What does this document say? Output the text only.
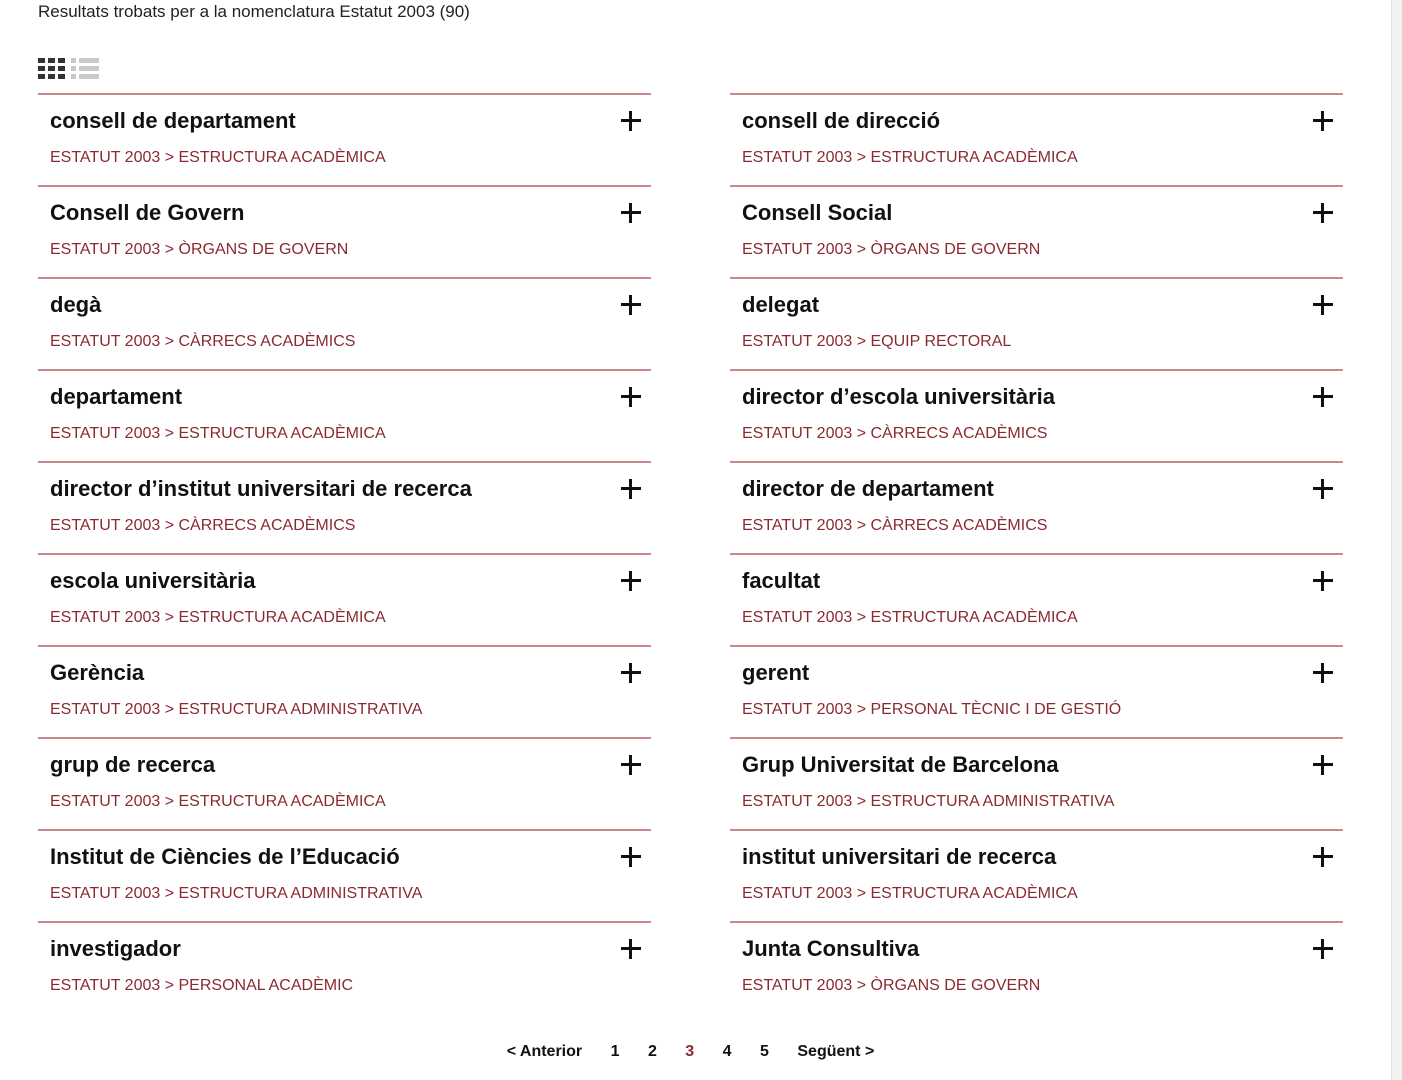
Resultats trobats per a la nomenclatura Estatut 2003 (90)
consell de departament
ESTATUT 2003 > ESTRUCTURA ACADÈMICA
Consell de Govern
ESTATUT 2003 > ÒRGANS DE GOVERN
degà
ESTATUT 2003 > CÀRRECS ACADÈMICS
departament
ESTATUT 2003 > ESTRUCTURA ACADÈMICA
director d’institut universitari de recerca
ESTATUT 2003 > CÀRRECS ACADÈMICS
escola universitària
ESTATUT 2003 > ESTRUCTURA ACADÈMICA
Gerència
ESTATUT 2003 > ESTRUCTURA ADMINISTRATIVA
grup de recerca
ESTATUT 2003 > ESTRUCTURA ACADÈMICA
Institut de Ciències de l’Educació
ESTATUT 2003 > ESTRUCTURA ADMINISTRATIVA
investigador
ESTATUT 2003 > PERSONAL ACADÈMIC
consell de direcció
ESTATUT 2003 > ESTRUCTURA ACADÈMICA
Consell Social
ESTATUT 2003 > ÒRGANS DE GOVERN
delegat
ESTATUT 2003 > EQUIP RECTORAL
director d’escola universitària
ESTATUT 2003 > CÀRRECS ACADÈMICS
director de departament
ESTATUT 2003 > CÀRRECS ACADÈMICS
facultat
ESTATUT 2003 > ESTRUCTURA ACADÈMICA
gerent
ESTATUT 2003 > PERSONAL TÈCNIC I DE GESTIÓ
Grup Universitat de Barcelona
ESTATUT 2003 > ESTRUCTURA ADMINISTRATIVA
institut universitari de recerca
ESTATUT 2003 > ESTRUCTURA ACADÈMICA
Junta Consultiva
ESTATUT 2003 > ÒRGANS DE GOVERN
< Anterior 1 2 3 4 5 Següent >
